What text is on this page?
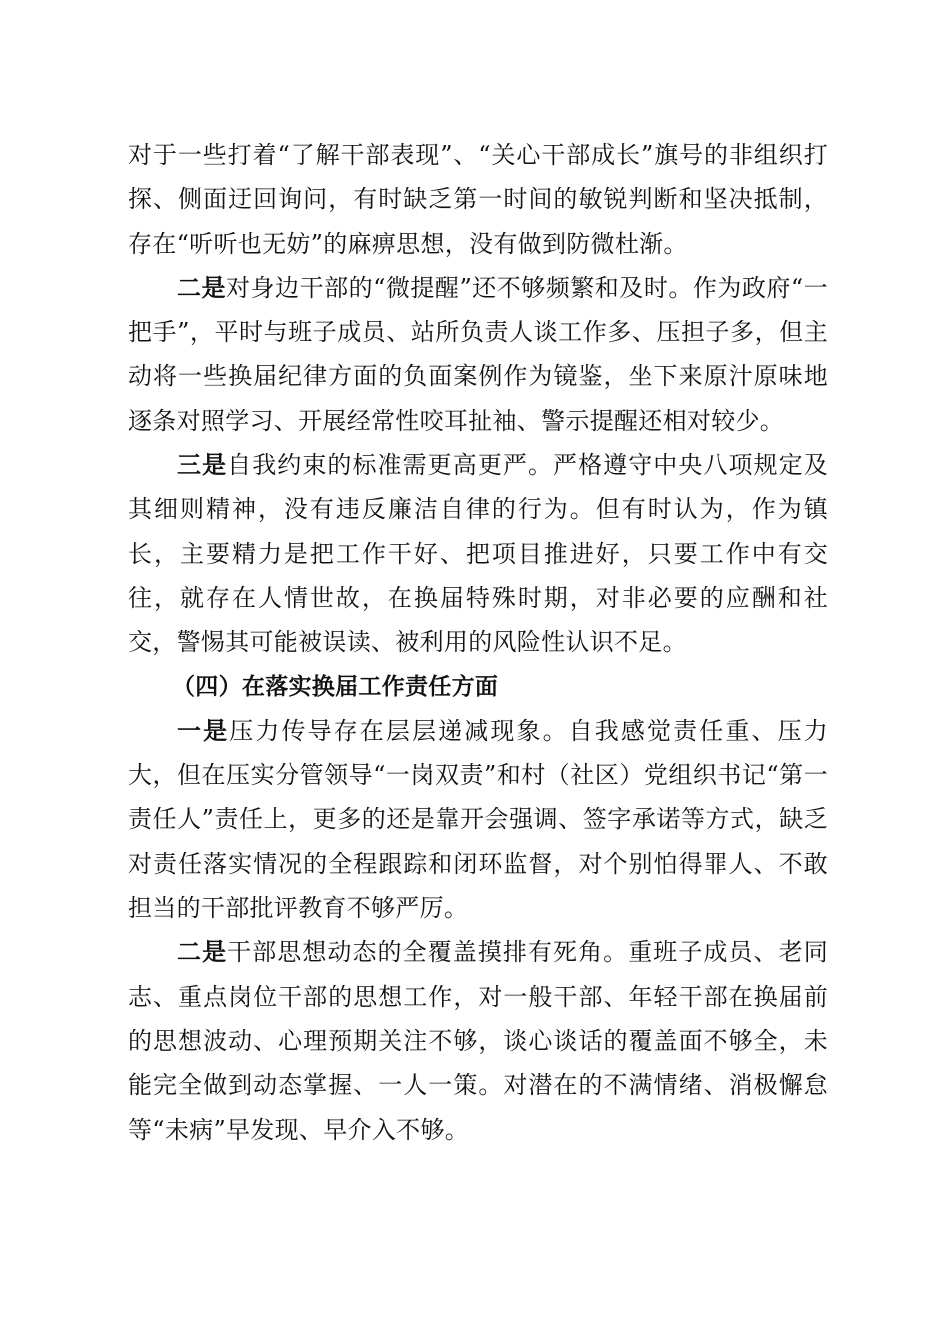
对于一些打着“了解干部表现”、“关心干部成长”旗号的非组织打探、侧面迂回询问，有时缺乏第一时间的敏锐判断和坚决抵制，存在“听听也无妨”的麻痹思想，没有做到防微杜渐。

二是对身边干部的“微提醒”还不够频繁和及时。作为政府“一把手”，平时与班子成员、站所负责人谈工作多、压担子多，但主动将一些换届纪律方面的负面案例作为镜鉴，坐下来原汁原味地逐条对照学习、开展经常性咬耳扯袖、警示提醒还相对较少。

三是自我约束的标准需更高更严。严格遵守中央八项规定及其细则精神，没有违反廉洁自律的行为。但有时认为，作为镇长，主要精力是把工作干好、把项目推进好，只要工作中有交往，就存在人情世故，在换届特殊时期，对非必要的应酬和社交，警惕其可能被误读、被利用的风险性认识不足。

（四）在落实换届工作责任方面

一是压力传导存在层层递减现象。自我感觉责任重、压力大，但在压实分管领导“一岗双责”和村（社区）党组织书记“第一责任人”责任上，更多的还是靠开会强调、签字承诺等方式，缺乏对责任落实情况的全程跟踪和闭环监督，对个别怕得罪人、不敢担当的干部批评教育不够严厉。

二是干部思想动态的全覆盖摸排有死角。重班子成员、老同志、重点岗位干部的思想工作，对一般干部、年轻干部在换届前的思想波动、心理预期关注不够，谈心谈话的覆盖面不够全，未能完全做到动态掌握、一人一策。对潜在的不满情绪、消极懈怠等“未病”早发现、早介入不够。
